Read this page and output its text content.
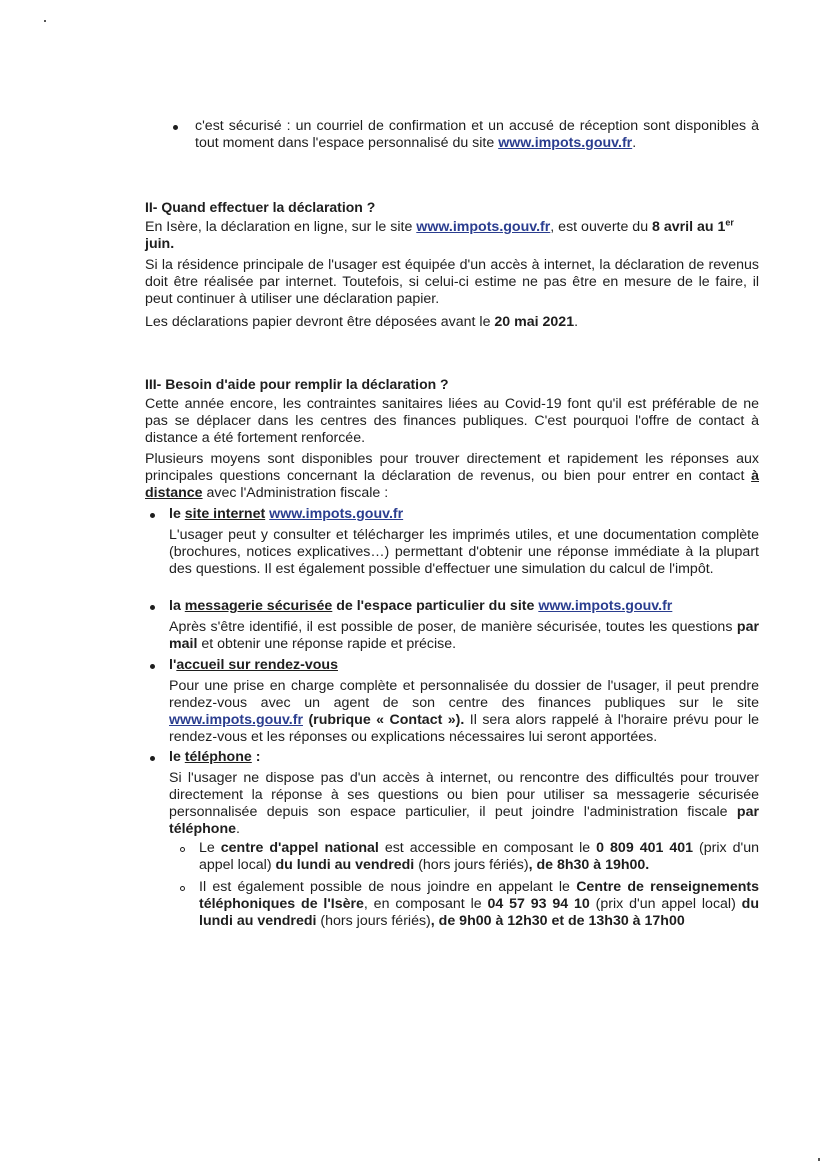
c'est sécurisé : un courriel de confirmation et un accusé de réception sont disponibles à tout moment dans l'espace personnalisé du site www.impots.gouv.fr.
II- Quand effectuer la déclaration ?
En Isère, la déclaration en ligne, sur le site www.impots.gouv.fr, est ouverte du 8 avril au 1er
juin.
Si la résidence principale de l'usager est équipée d'un accès à internet, la déclaration de revenus doit être réalisée par internet. Toutefois, si celui-ci estime ne pas être en mesure de le faire, il peut continuer à utiliser une déclaration papier.
Les déclarations papier devront être déposées avant le 20 mai 2021.
III- Besoin d'aide pour remplir la déclaration ?
Cette année encore, les contraintes sanitaires liées au Covid-19 font qu'il est préférable de ne pas se déplacer dans les centres des finances publiques. C'est pourquoi l'offre de contact à distance a été fortement renforcée.
Plusieurs moyens sont disponibles pour trouver directement et rapidement les réponses aux principales questions concernant la déclaration de revenus, ou bien pour entrer en contact à distance avec l'Administration fiscale :
le site internet www.impots.gouv.fr
L'usager peut y consulter et télécharger les imprimés utiles, et une documentation complète (brochures, notices explicatives…) permettant d'obtenir une réponse immédiate à la plupart des questions. Il est également possible d'effectuer une simulation du calcul de l'impôt.
la messagerie sécurisée de l'espace particulier du site www.impots.gouv.fr
Après s'être identifié, il est possible de poser, de manière sécurisée, toutes les questions par mail et obtenir une réponse rapide et précise.
l'accueil sur rendez-vous
Pour une prise en charge complète et personnalisée du dossier de l'usager, il peut prendre rendez-vous avec un agent de son centre des finances publiques sur le site www.impots.gouv.fr (rubrique « Contact »). Il sera alors rappelé à l'horaire prévu pour le rendez-vous et les réponses ou explications nécessaires lui seront apportées.
le téléphone :
Si l'usager ne dispose pas d'un accès à internet, ou rencontre des difficultés pour trouver directement la réponse à ses questions ou bien pour utiliser sa messagerie sécurisée personnalisée depuis son espace particulier, il peut joindre l'administration fiscale par téléphone.
Le centre d'appel national est accessible en composant le 0 809 401 401 (prix d'un appel local) du lundi au vendredi (hors jours fériés), de 8h30 à 19h00.
Il est également possible de nous joindre en appelant le Centre de renseignements téléphoniques de l'Isère, en composant le 04 57 93 94 10 (prix d'un appel local) du lundi au vendredi (hors jours fériés), de 9h00 à 12h30 et de 13h30 à 17h00
